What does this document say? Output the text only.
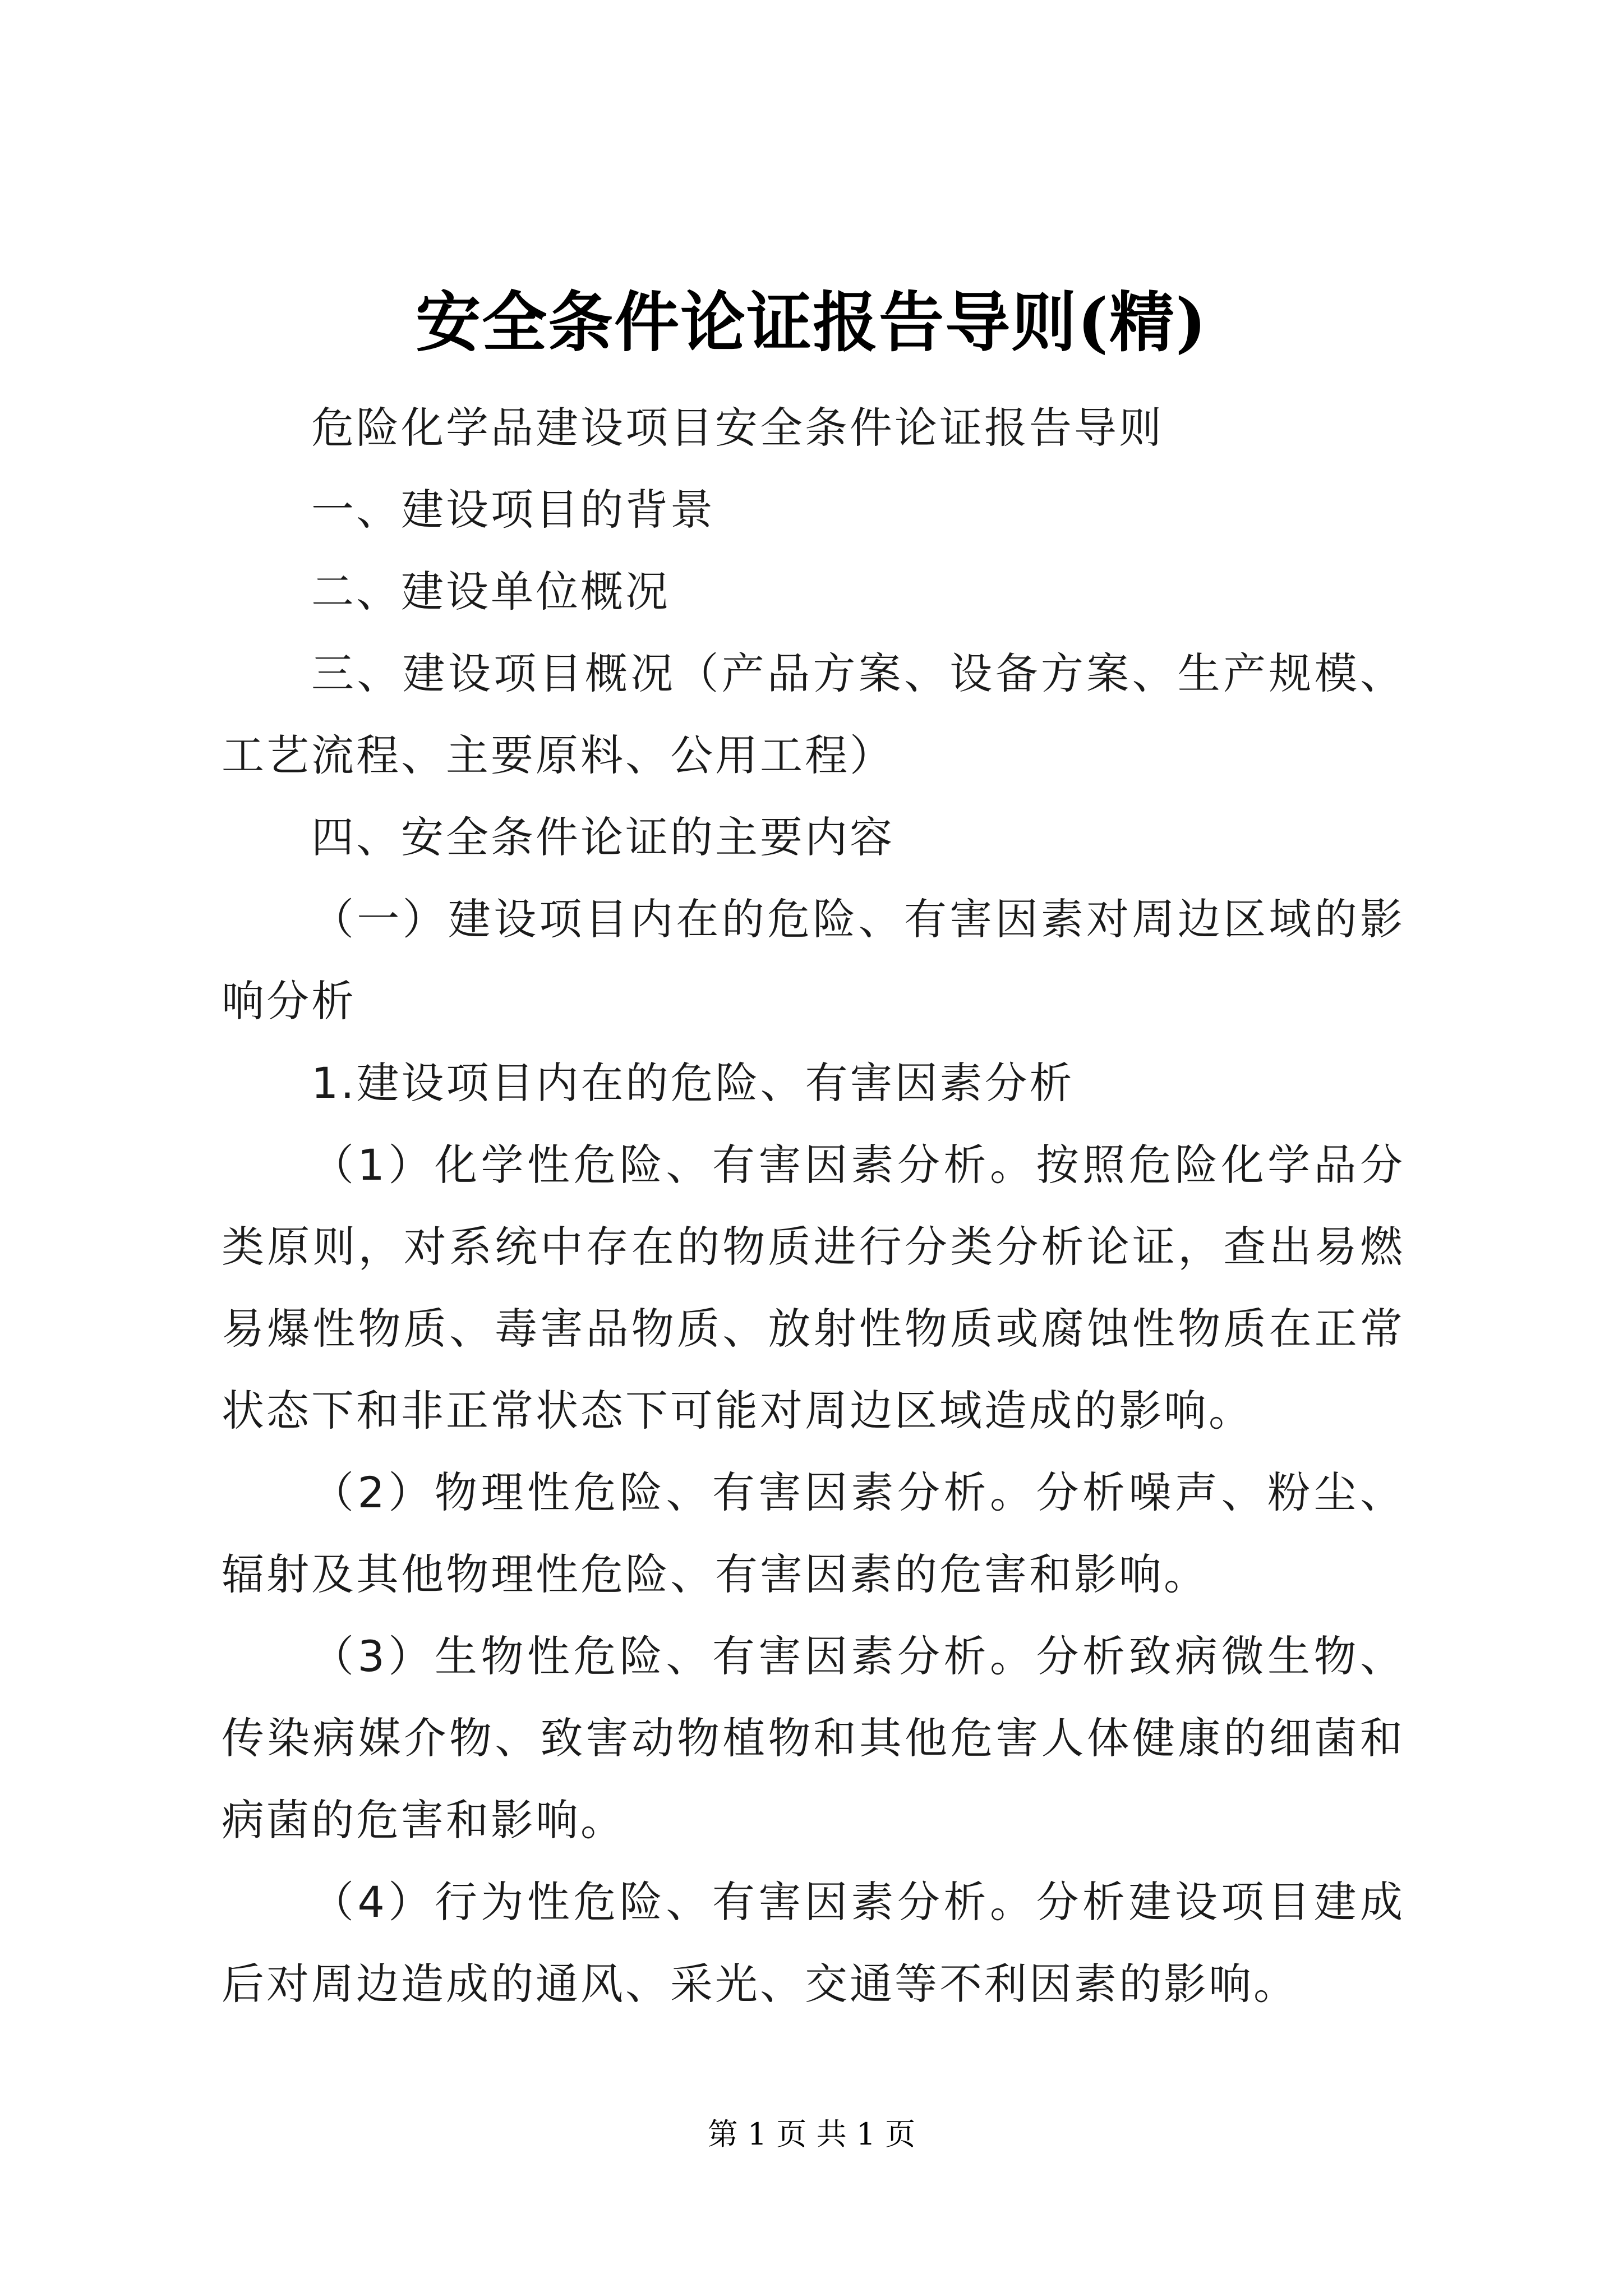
安全条件论证报告导则(精)

危险化学品建设项目安全条件论证报告导则

一、建设项目的背景

二、建设单位概况

三、建设项目概况（产品方案、设备方案、生产规模、工艺流程、主要原料、公用工程）

四、安全条件论证的主要内容

（一）建设项目内在的危险、有害因素对周边区域的影响分析

1.建设项目内在的危险、有害因素分析

（1）化学性危险、有害因素分析。按照危险化学品分类原则，对系统中存在的物质进行分类分析论证，查出易燃易爆性物质、毒害品物质、放射性物质或腐蚀性物质在正常状态下和非正常状态下可能对周边区域造成的影响。

（2）物理性危险、有害因素分析。分析噪声、粉尘、辐射及其他物理性危险、有害因素的危害和影响。

（3）生物性危险、有害因素分析。分析致病微生物、传染病媒介物、致害动物植物和其他危害人体健康的细菌和病菌的危害和影响。

（4）行为性危险、有害因素分析。分析建设项目建成后对周边造成的通风、采光、交通等不利因素的影响。

第 1 页 共 1 页
